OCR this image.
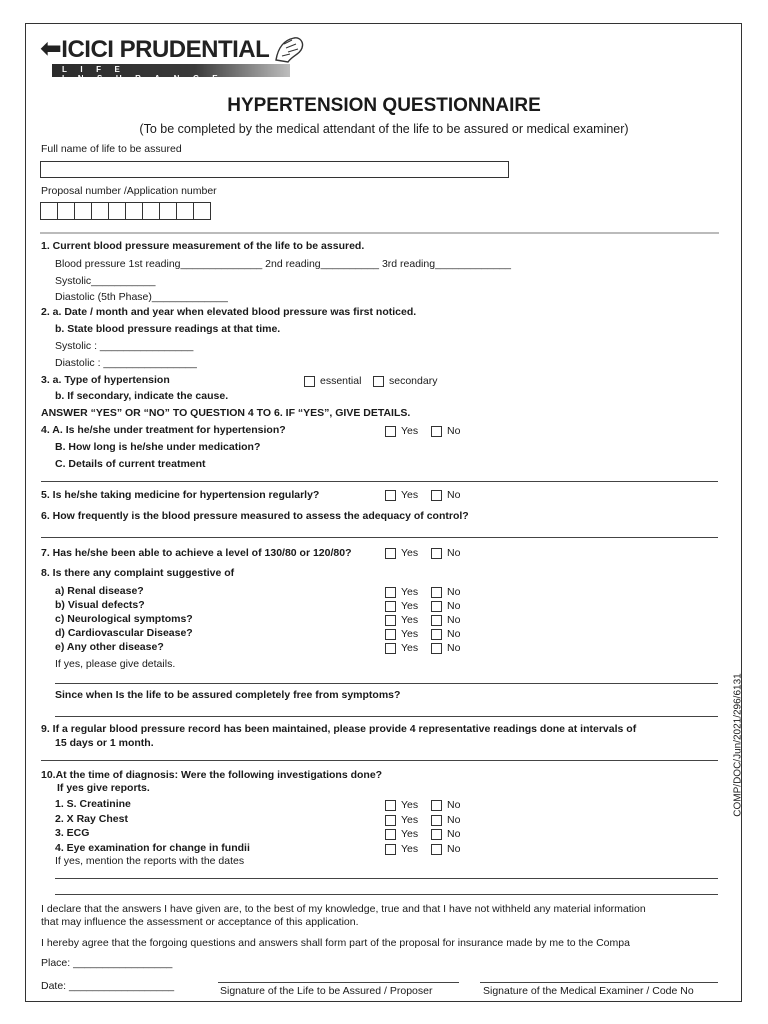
⬅ICICI PRUDENTIAL
LIFE INSURANCE
HYPERTENSION QUESTIONNAIRE
(To be completed by the medical attendant of the life to be assured or medical examiner)
Full name of life to be assured
Proposal number /Application number
1. Current blood pressure measurement of the life to be assured.
Blood pressure 1st reading______________ 2nd reading__________ 3rd reading_____________
Systolic___________
Diastolic (5th Phase)_____________
2. a. Date / month and year when elevated blood pressure was first noticed.
b. State blood pressure readings at that time.
Systolic : ________________
Diastolic : ________________
3. a. Type of hypertension	essential	secondary
b. If secondary, indicate the cause.
ANSWER “YES” OR “NO” TO QUESTION 4 TO 6. IF “YES”, GIVE DETAILS.
4. A. Is he/she under treatment for hypertension?	Yes	No
B. How long is he/she under medication?
C. Details of current treatment
5. Is he/she taking medicine for hypertension regularly?	Yes	No
6. How frequently is the blood pressure measured to assess the adequacy of control?
7. Has he/she been able to achieve a level of 130/80 or 120/80?	Yes	No
8. Is there any complaint suggestive of
a) Renal disease?	Yes	No
b) Visual defects?	Yes	No
c) Neurological symptoms?	Yes	No
d) Cardiovascular Disease?	Yes	No
e) Any other disease?	Yes	No
If yes, please give details.
Since when Is the life to be assured completely free from symptoms?
9. If a regular blood pressure record has been maintained, please provide 4 representative readings done at intervals of
15 days or 1 month.
10.At the time of diagnosis: Were the following investigations done?
If yes give reports.
1. S. Creatinine	Yes	No
2. X Ray Chest	Yes	No
3. ECG	Yes	No
4. Eye examination for change in fundii	Yes	No
If yes, mention the reports with the dates
I declare that the answers I have given are, to the best of my knowledge, true and that I have not withheld any material information
that may influence the assessment or acceptance of this application.
I hereby agree that the forgoing questions and answers shall form part of the proposal for insurance made by me to the Compa
Place: _________________
Date: __________________	Signature of the Life to be Assured / Proposer	Signature of the Medical Examiner / Code No
COMP/DOC/Jun/2021/296/6131
